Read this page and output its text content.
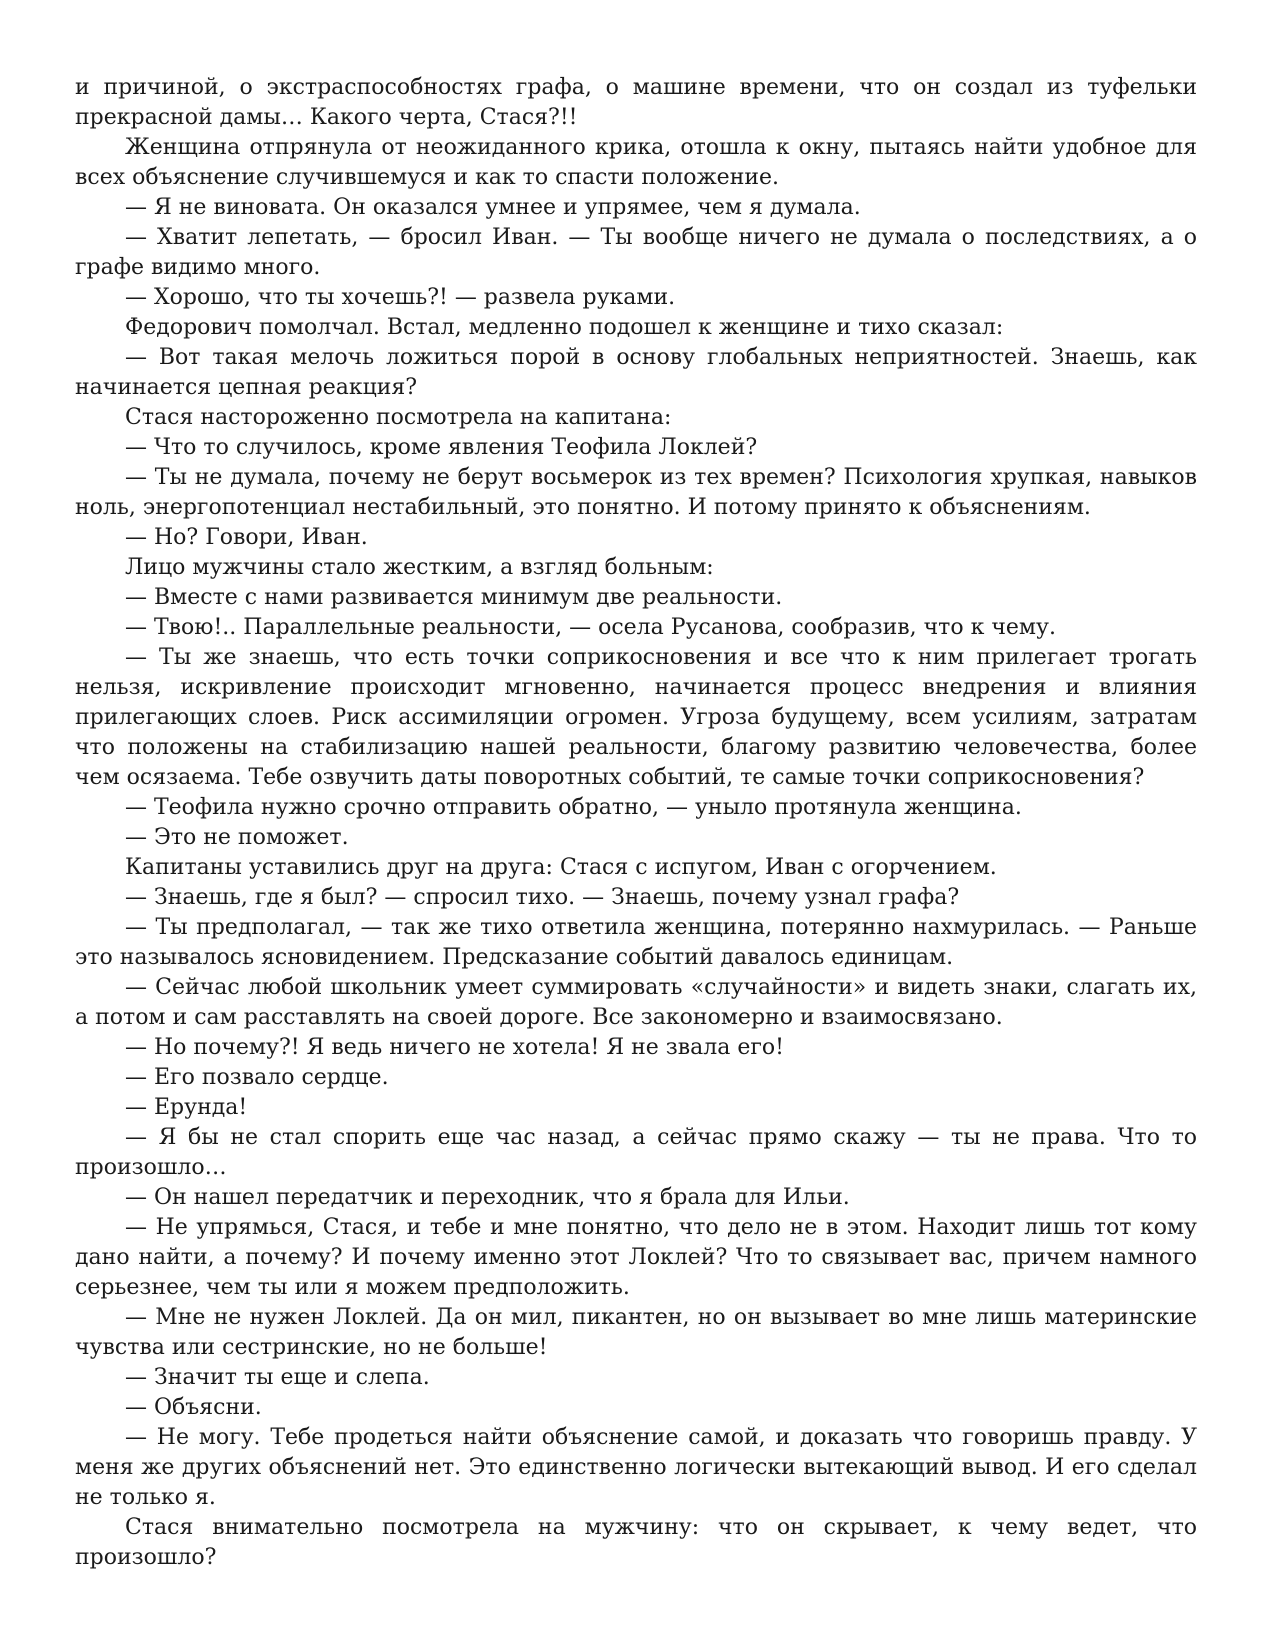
и причиной, о экстраспособностях графа, о машине времени, что он создал из туфельки прекрасной дамы… Какого черта, Стася?!!

Женщина отпрянула от неожиданного крика, отошла к окну, пытаясь найти удобное для всех объяснение случившемуся и как то спасти положение.

— Я не виновата. Он оказался умнее и упрямее, чем я думала.

— Хватит лепетать, — бросил Иван. — Ты вообще ничего не думала о последствиях, а о графе видимо много.

— Хорошо, что ты хочешь?! — развела руками.

Федорович помолчал. Встал, медленно подошел к женщине и тихо сказал:

— Вот такая мелочь ложиться порой в основу глобальных неприятностей. Знаешь, как начинается цепная реакция?

Стася настороженно посмотрела на капитана:

— Что то случилось, кроме явления Теофила Локлей?

— Ты не думала, почему не берут восьмерок из тех времен? Психология хрупкая, навыков ноль, энергопотенциал нестабильный, это понятно. И потому принято к объяснениям.

— Но? Говори, Иван.

Лицо мужчины стало жестким, а взгляд больным:

— Вместе с нами развивается минимум две реальности.

— Твою!.. Параллельные реальности, — осела Русанова, сообразив, что к чему.

— Ты же знаешь, что есть точки соприкосновения и все что к ним прилегает трогать нельзя, искривление происходит мгновенно, начинается процесс внедрения и влияния прилегающих слоев. Риск ассимиляции огромен. Угроза будущему, всем усилиям, затратам что положены на стабилизацию нашей реальности, благому развитию человечества, более чем осязаема. Тебе озвучить даты поворотных событий, те самые точки соприкосновения?

— Теофила нужно срочно отправить обратно, — уныло протянула женщина.

— Это не поможет.

Капитаны уставились друг на друга: Стася с испугом, Иван с огорчением.

— Знаешь, где я был? — спросил тихо. — Знаешь, почему узнал графа?

— Ты предполагал, — так же тихо ответила женщина, потерянно нахмурилась. — Раньше это называлось ясновидением. Предсказание событий давалось единицам.

— Сейчас любой школьник умеет суммировать «случайности» и видеть знаки, слагать их, а потом и сам расставлять на своей дороге. Все закономерно и взаимосвязано.

— Но почему?! Я ведь ничего не хотела! Я не звала его!

— Его позвало сердце.

— Ерунда!

— Я бы не стал спорить еще час назад, а сейчас прямо скажу — ты не права. Что то произошло…

— Он нашел передатчик и переходник, что я брала для Ильи.

— Не упрямься, Стася, и тебе и мне понятно, что дело не в этом. Находит лишь тот кому дано найти, а почему? И почему именно этот Локлей? Что то связывает вас, причем намного серьезнее, чем ты или я можем предположить.

— Мне не нужен Локлей. Да он мил, пикантен, но он вызывает во мне лишь материнские чувства или сестринские, но не больше!

— Значит ты еще и слепа.

— Объясни.

— Не могу. Тебе продеться найти объяснение самой, и доказать что говоришь правду. У меня же других объяснений нет. Это единственно логически вытекающий вывод. И его сделал не только я.

Стася внимательно посмотрела на мужчину: что он скрывает, к чему ведет, что произошло?
